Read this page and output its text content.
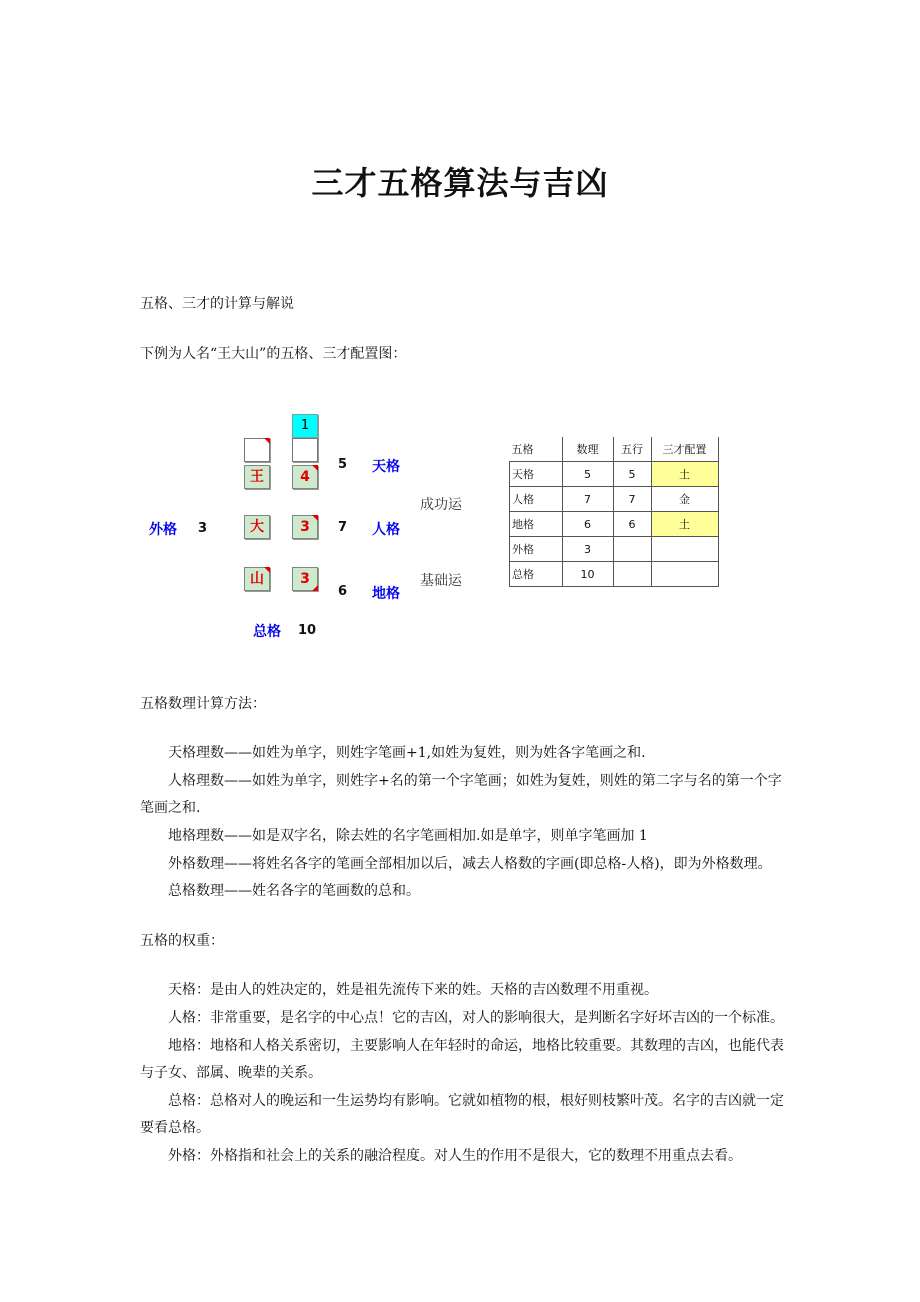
三才五格算法与吉凶
五格、三才的计算与解说
下例为人名“王大山”的五格、三才配置图：
1
王	4
大	3
山	3
5 天格
7 人格
6 地格
外格 3
总格 10
成功运
基础运
五格	数理	五行	三才配置
天格	5	5	土
人格	7	7	金
地格	6	6	土
外格	3		
总格	10		
五格数理计算方法：
天格理数——如姓为单字，则姓字笔画+1,如姓为复姓，则为姓各字笔画之和.
人格理数——如姓为单字，则姓字+名的第一个字笔画；如姓为复姓，则姓的第二字与名的第一个字
笔画之和.
地格理数——如是双字名，除去姓的名字笔画相加.如是单字，则单字笔画加 1
外格数理——将姓名各字的笔画全部相加以后，减去人格数的字画(即总格-人格)，即为外格数理。
总格数理——姓名各字的笔画数的总和。
五格的权重：
天格：是由人的姓决定的，姓是祖先流传下来的姓。天格的吉凶数理不用重视。
人格：非常重要，是名字的中心点！它的吉凶，对人的影响很大，是判断名字好坏吉凶的一个标准。
地格：地格和人格关系密切，主要影响人在年轻时的命运，地格比较重要。其数理的吉凶，也能代表
与子女、部属、晚辈的关系。
总格：总格对人的晚运和一生运势均有影响。它就如植物的根，根好则枝繁叶茂。名字的吉凶就一定
要看总格。
外格：外格指和社会上的关系的融洽程度。对人生的作用不是很大，它的数理不用重点去看。
